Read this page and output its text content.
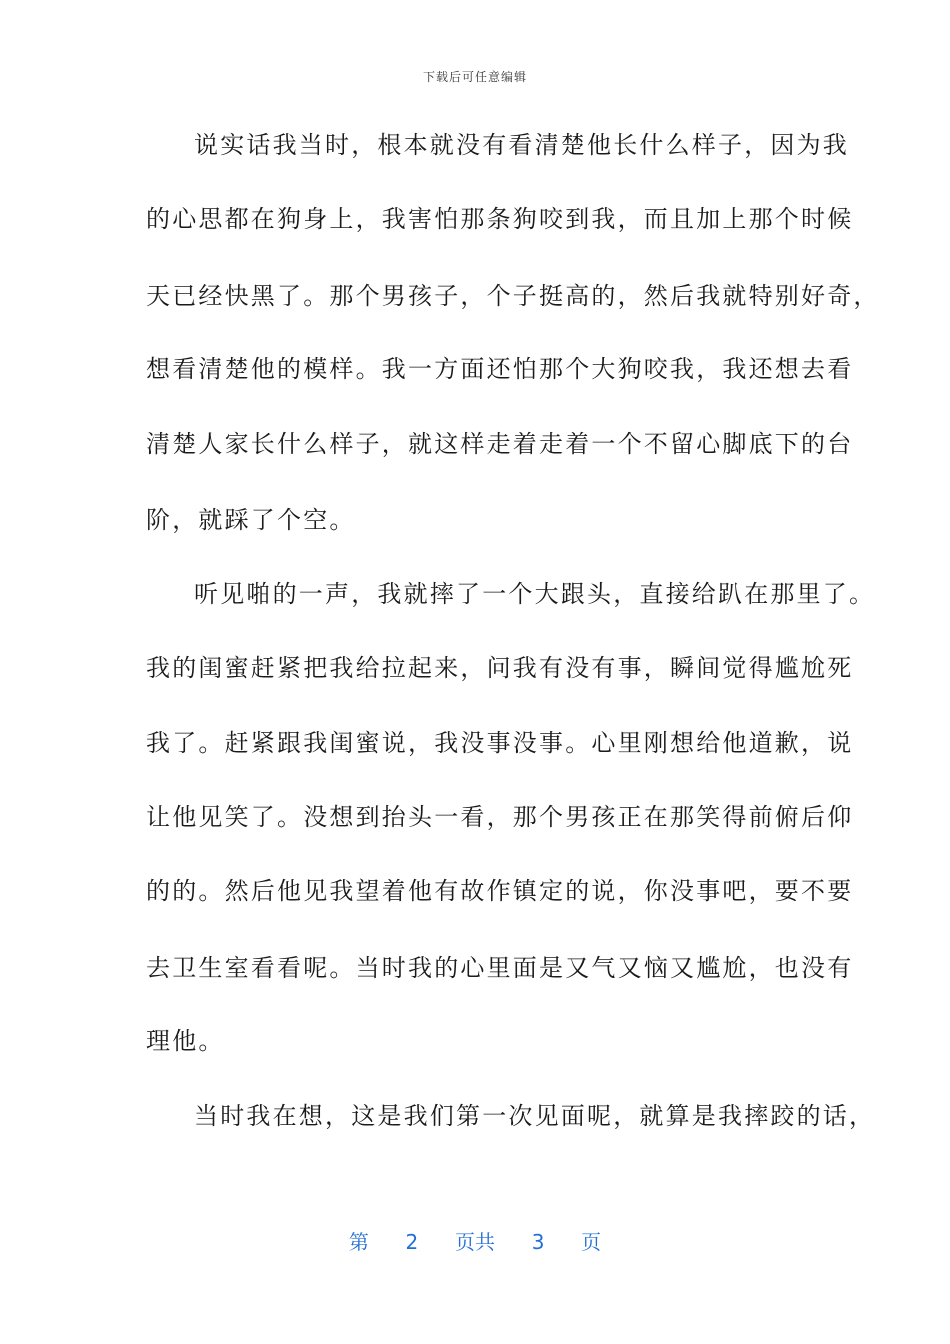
下载后可任意编辑
说实话我当时，根本就没有看清楚他长什么样子，因为我
的心思都在狗身上，我害怕那条狗咬到我，而且加上那个时候
天已经快黑了。那个男孩子，个子挺高的，然后我就特别好奇，
想看清楚他的模样。我一方面还怕那个大狗咬我，我还想去看
清楚人家长什么样子，就这样走着走着一个不留心脚底下的台
阶，就踩了个空。
听见啪的一声，我就摔了一个大跟头，直接给趴在那里了。
我的闺蜜赶紧把我给拉起来，问我有没有事，瞬间觉得尴尬死
我了。赶紧跟我闺蜜说，我没事没事。心里刚想给他道歉，说
让他见笑了。没想到抬头一看，那个男孩正在那笑得前俯后仰
的的。然后他见我望着他有故作镇定的说，你没事吧，要不要
去卫生室看看呢。当时我的心里面是又气又恼又尴尬，也没有
理他。
当时我在想，这是我们第一次见面呢，就算是我摔跤的话，
第 2 页共 3 页
